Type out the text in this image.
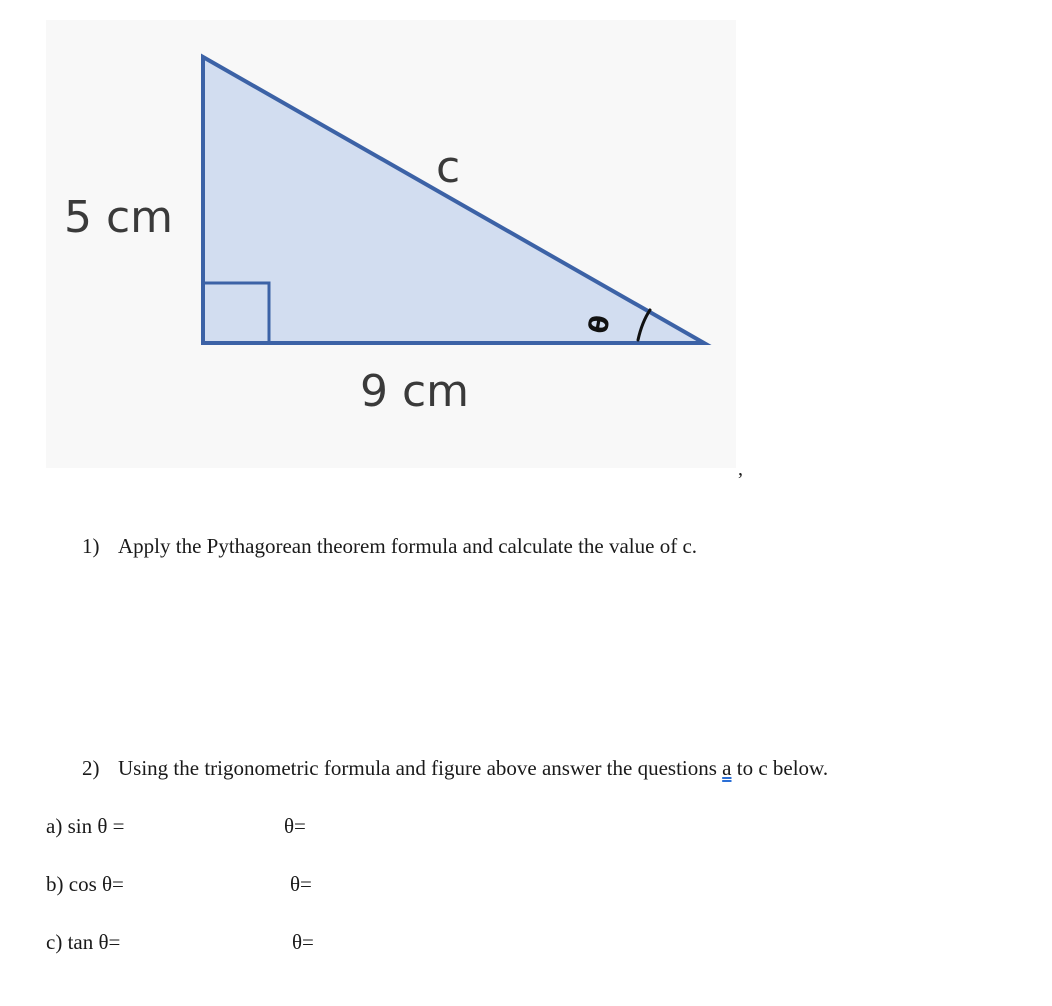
5 cm
9 cm
c
θ
,
1) Apply the Pythagorean theorem formula and calculate the value of c.
2) Using the trigonometric formula and figure above answer the questions a to c below.
a) sin θ =	θ=
b) cos θ=	θ=
c) tan θ=	θ=
